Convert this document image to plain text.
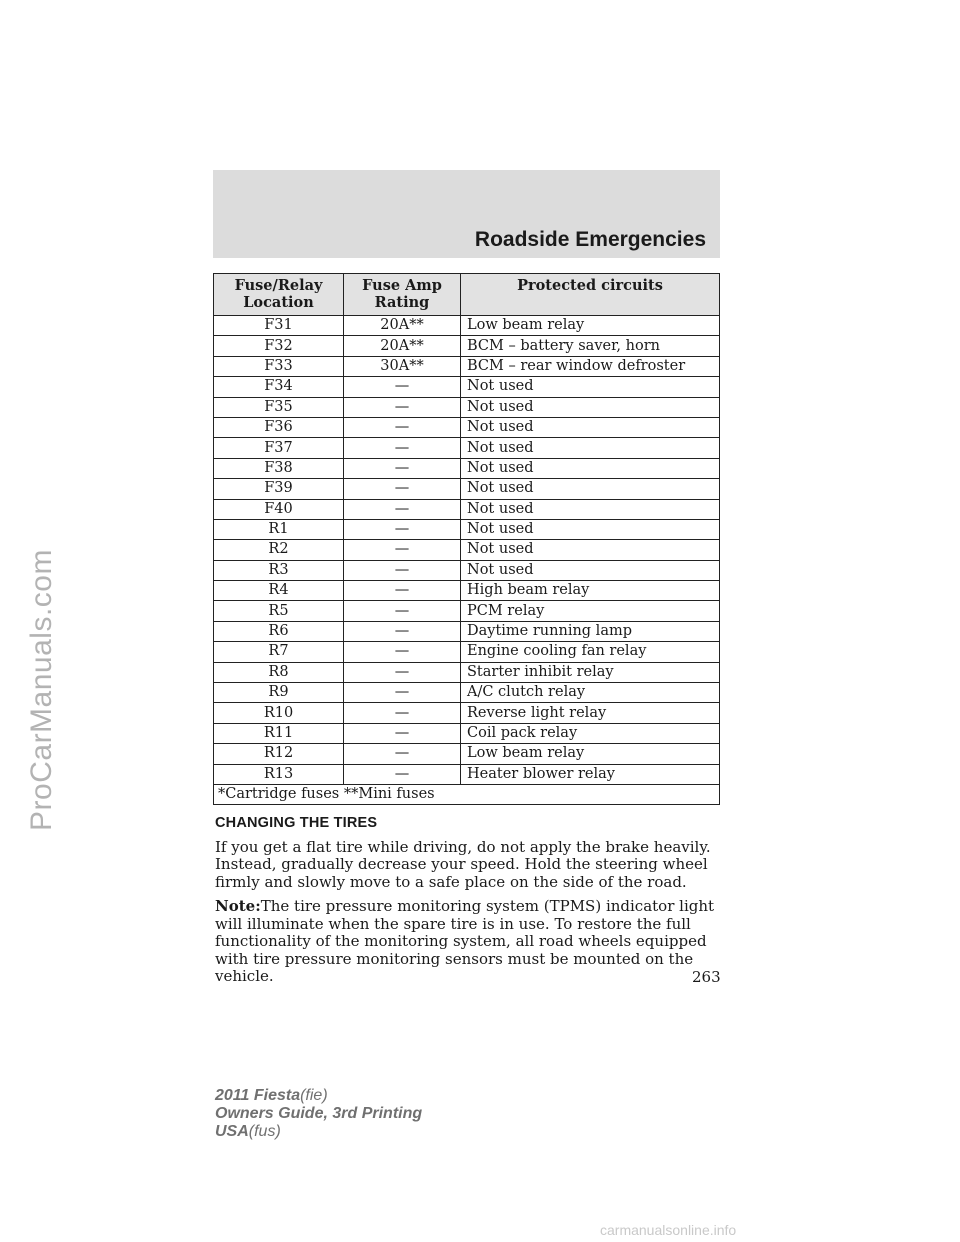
ProCarManuals.com
Roadside Emergencies
Fuse/Relay Location	Fuse Amp Rating	Protected circuits
F31	20A**	Low beam relay
F32	20A**	BCM – battery saver, horn
F33	30A**	BCM – rear window defroster
F34	—	Not used
F35	—	Not used
F36	—	Not used
F37	—	Not used
F38	—	Not used
F39	—	Not used
F40	—	Not used
R1	—	Not used
R2	—	Not used
R3	—	Not used
R4	—	High beam relay
R5	—	PCM relay
R6	—	Daytime running lamp
R7	—	Engine cooling fan relay
R8	—	Starter inhibit relay
R9	—	A/C clutch relay
R10	—	Reverse light relay
R11	—	Coil pack relay
R12	—	Low beam relay
R13	—	Heater blower relay
*Cartridge fuses **Mini fuses		
CHANGING THE TIRES

If you get a flat tire while driving, do not apply the brake heavily. Instead, gradually decrease your speed. Hold the steering wheel firmly and slowly move to a safe place on the side of the road.

Note:The tire pressure monitoring system (TPMS) indicator light will illuminate when the spare tire is in use. To restore the full functionality of the monitoring system, all road wheels equipped with tire pressure monitoring sensors must be mounted on the vehicle.	263
2011 Fiesta(fie)
Owners Guide, 3rd Printing
USA(fus)
carmanualsonline.info
